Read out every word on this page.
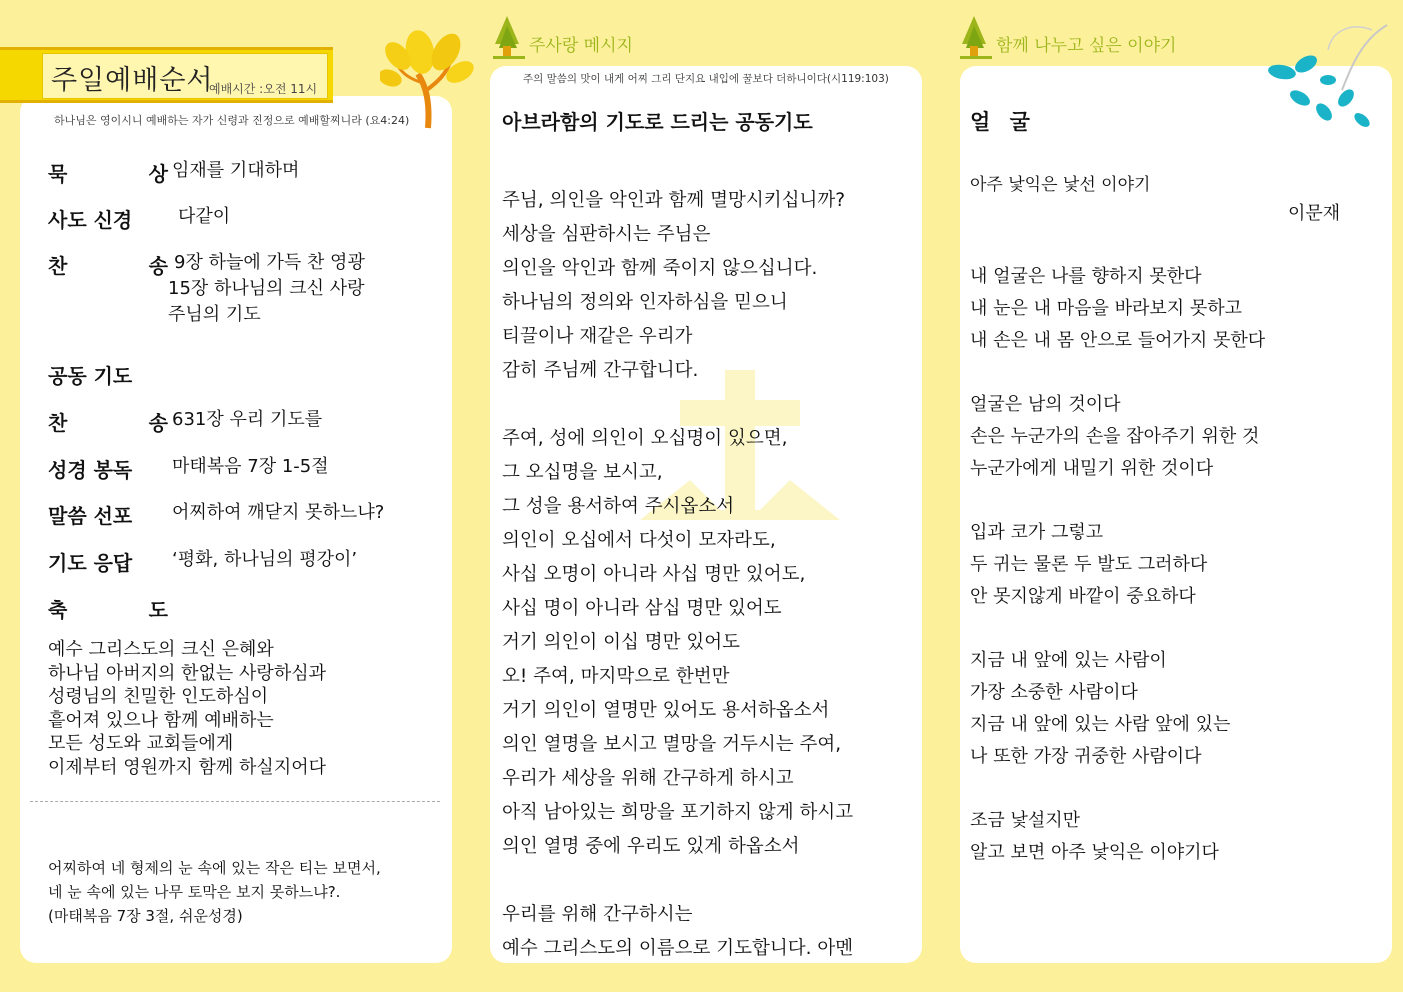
주일예배순서
예배시간 :오전 11시
하나님은 영이시니 예배하는 자가 신령과 진정으로 예배할찌니라 (요4:24)
묵	상 임재를 기대하며
사도 신경	다같이
찬	송 9장 하늘에 가득 찬 영광
15장 하나님의 크신 사랑
주님의 기도
공동 기도
찬	송 631장 우리 기도를
성경 봉독	마태복음 7장 1-5절
말씀 선포	어찌하여 깨닫지 못하느냐?
기도 응답	‘평화, 하나님의 평강이’
축	도
예수 그리스도의 크신 은혜와
하나님 아버지의 한없는 사랑하심과
성령님의 친밀한 인도하심이
흩어져 있으나 함께 예배하는
모든 성도와 교회들에게
이제부터 영원까지 함께 하실지어다
어찌하여 네 형제의 눈 속에 있는 작은 티는 보면서,
네 눈 속에 있는 나무 토막은 보지 못하느냐?.
(마태복음 7장 3절, 쉬운성경)
주사랑 메시지
주의 말씀의 맛이 내게 어찌 그리 단지요 내입에 꿀보다 더하니이다(시119:103)
아브라함의 기도로 드리는 공동기도
주님, 의인을 악인과 함께 멸망시키십니까?
세상을 심판하시는 주님은
의인을 악인과 함께 죽이지 않으십니다.
하나님의 정의와 인자하심을 믿으니
티끌이나 재같은 우리가
감히 주님께 간구합니다.
주여, 성에 의인이 오십명이 있으면,
그 오십명을 보시고,
그 성을 용서하여 주시옵소서
의인이 오십에서 다섯이 모자라도,
사십 오명이 아니라 사십 명만 있어도,
사십 명이 아니라 삼십 명만 있어도
거기 의인이 이십 명만 있어도
오! 주여, 마지막으로 한번만
거기 의인이 열명만 있어도 용서하옵소서
의인 열명을 보시고 멸망을 거두시는 주여,
우리가 세상을 위해 간구하게 하시고
아직 남아있는 희망을 포기하지 않게 하시고
의인 열명 중에 우리도 있게 하옵소서
우리를 위해 간구하시는
예수 그리스도의 이름으로 기도합니다. 아멘
함께 나누고 싶은 이야기
얼 굴
아주 낯익은 낯선 이야기
이문재
내 얼굴은 나를 향하지 못한다
내 눈은 내 마음을 바라보지 못하고
내 손은 내 몸 안으로 들어가지 못한다
얼굴은 남의 것이다
손은 누군가의 손을 잡아주기 위한 것
누군가에게 내밀기 위한 것이다
입과 코가 그렇고
두 귀는 물론 두 발도 그러하다
안 못지않게 바깥이 중요하다
지금 내 앞에 있는 사람이
가장 소중한 사람이다
지금 내 앞에 있는 사람 앞에 있는
나 또한 가장 귀중한 사람이다
조금 낯설지만
알고 보면 아주 낯익은 이야기다
